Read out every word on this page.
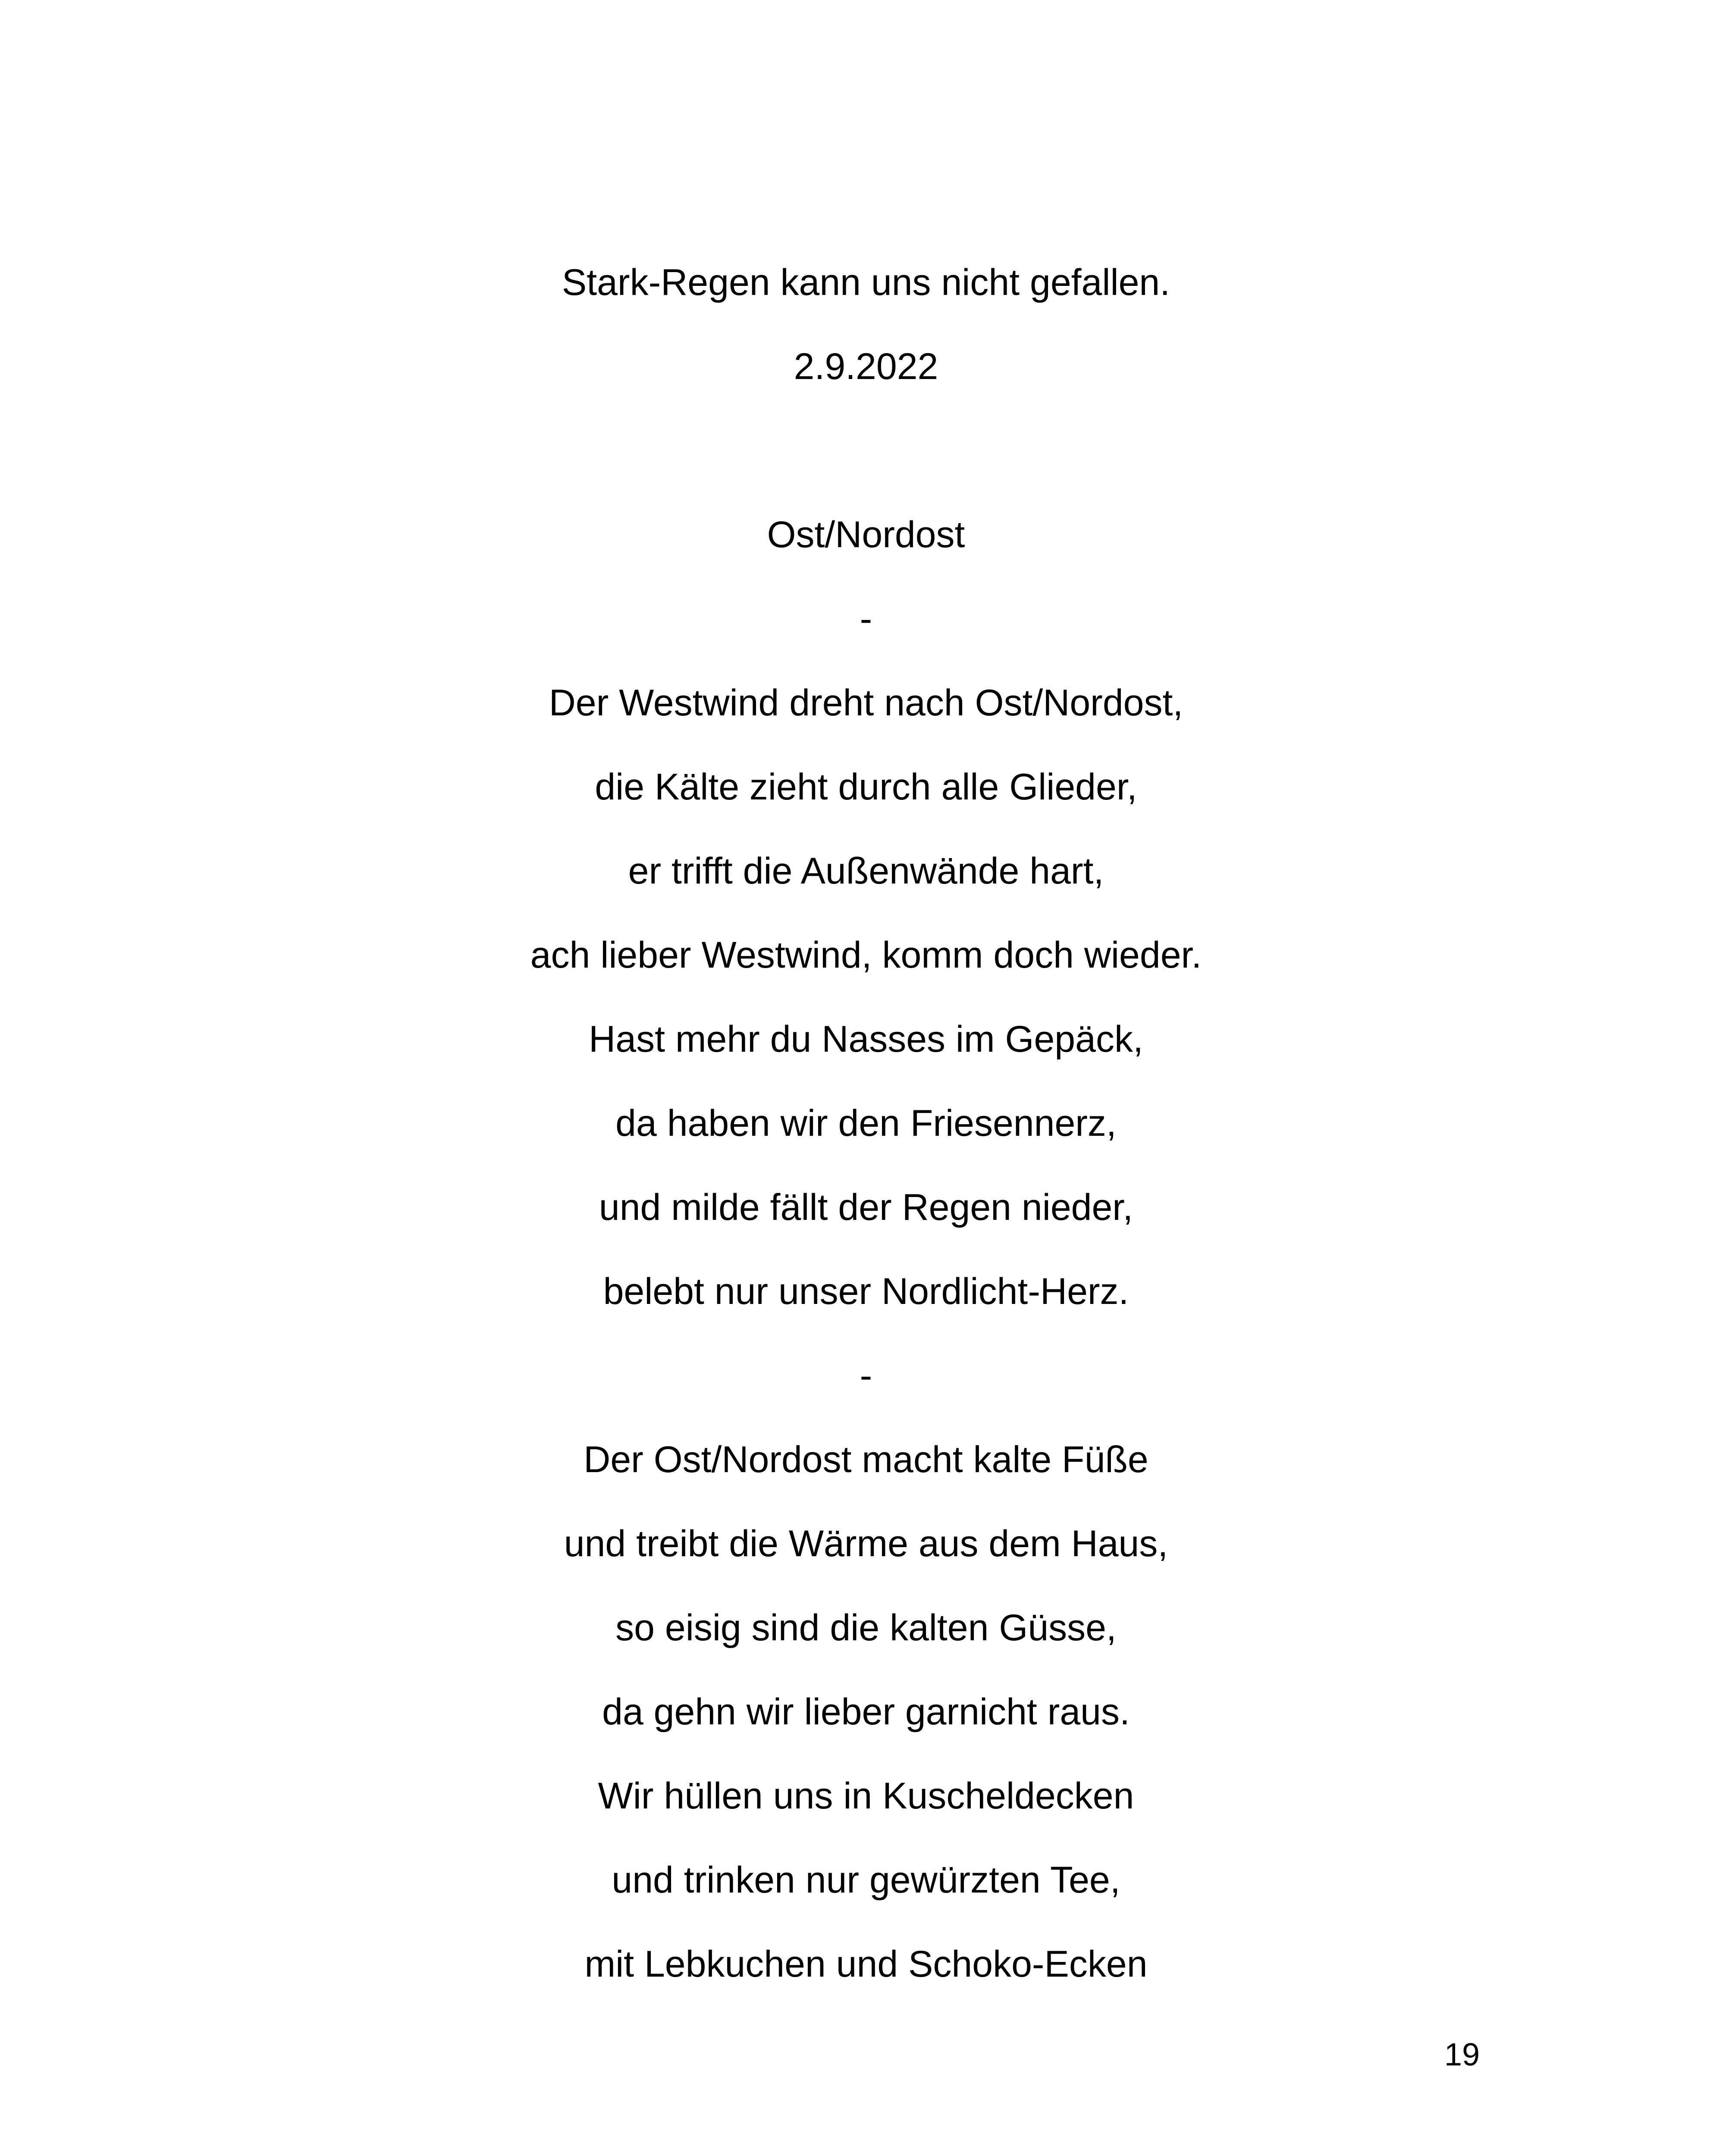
Stark-Regen kann uns nicht gefallen.
2.9.2022
Ost/Nordost
-
Der Westwind dreht nach Ost/Nordost,
die Kälte zieht durch alle Glieder,
er trifft die Außenwände hart,
ach lieber Westwind, komm doch wieder.
Hast mehr du Nasses im Gepäck,
da haben wir den Friesennerz,
und milde fällt der Regen nieder,
belebt nur unser Nordlicht-Herz.
-
Der Ost/Nordost macht kalte Füße
und treibt die Wärme aus dem Haus,
so eisig sind die kalten Güsse,
da gehn wir lieber garnicht raus.
Wir hüllen uns in Kuscheldecken
und trinken nur gewürzten Tee,
mit Lebkuchen und Schoko-Ecken
19
